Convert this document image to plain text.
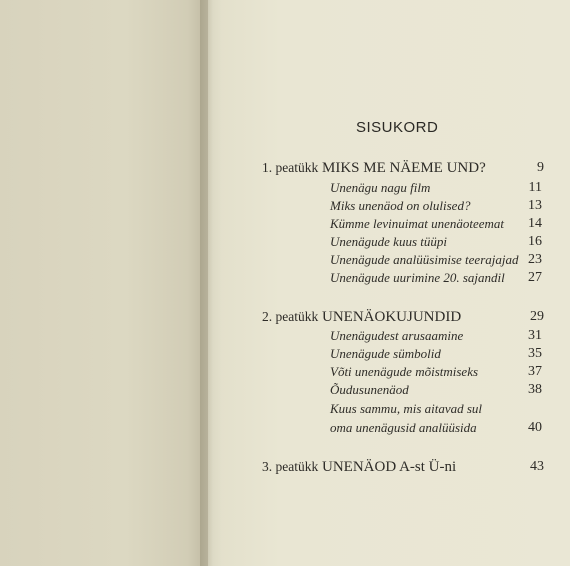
SISUKORD
1. peatükk MIKS ME NÄEME UND?	9
Unenägu nagu film	11
Miks unenäod on olulised?	13
Kümme levinuimat unenäoteemat 14
Unenägude kuus tüüpi	16
Unenägude analüüsimise teerajajad 23
Unenägude uurimine 20. sajandil 27
2. peatükk UNENÄOKUJUNDID	29
Unenägudest arusaamine	31
Unenägude sümbolid	35
Võti unenägude mõistmiseks	37
Õudusunenäod	38
Kuus sammu, mis aitavad sul
oma unenägusid analüüsida	40
3. peatükk UNENÄOD A-st Ü-ni	43
